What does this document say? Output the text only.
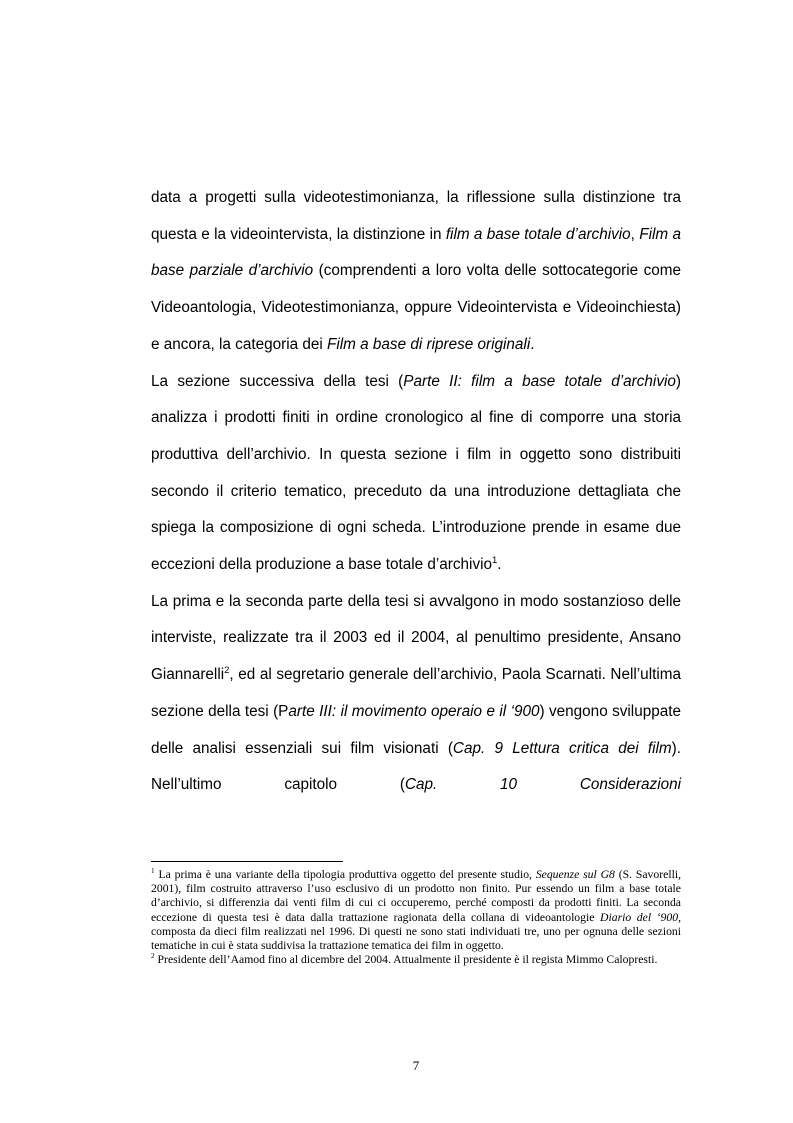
data a progetti sulla videotestimonianza, la riflessione sulla distinzione tra questa e la videointervista, la distinzione in film a base totale d’archivio, Film a base parziale d’archivio (comprendenti a loro volta delle sottocategorie come Videoantologia, Videotestimonianza, oppure Videointervista e Videoinchiesta) e ancora, la categoria dei Film a base di riprese originali.

La sezione successiva della tesi (Parte II: film a base totale d’archivio) analizza i prodotti finiti in ordine cronologico al fine di comporre una storia produttiva dell’archivio. In questa sezione i film in oggetto sono distribuiti secondo il criterio tematico, preceduto da una introduzione dettagliata che spiega la composizione di ogni scheda. L’introduzione prende in esame due eccezioni della produzione a base totale d’archivio$^1$.

La prima e la seconda parte della tesi si avvalgono in modo sostanzioso delle interviste, realizzate tra il 2003 ed il 2004, al penultimo presidente, Ansano Giannarelli$^2$, ed al segretario generale dell’archivio, Paola Scarnati. Nell’ultima sezione della tesi (Parte III: il movimento operaio e il ‘900) vengono sviluppate delle analisi essenziali sui film visionati (Cap. 9 Lettura critica dei film). Nell’ultimo capitolo (Cap. 10 Considerazioni

$^1$ La prima è una variante della tipologia produttiva oggetto del presente studio, Sequenze sul G8 (S. Savorelli, 2001), film costruito attraverso l’uso esclusivo di un prodotto non finito. Pur essendo un film a base totale d’archivio, si differenzia dai venti film di cui ci occuperemo, perché composti da prodotti finiti. La seconda eccezione di questa tesi è data dalla trattazione ragionata della collana di videoantologie Diario del ‘900, composta da dieci film realizzati nel 1996. Di questi ne sono stati individuati tre, uno per ognuna delle sezioni tematiche in cui è stata suddivisa la trattazione tematica dei film in oggetto.

$^2$ Presidente dell’Aamod fino al dicembre del 2004. Attualmente il presidente è il regista Mimmo Calopresti.

7
